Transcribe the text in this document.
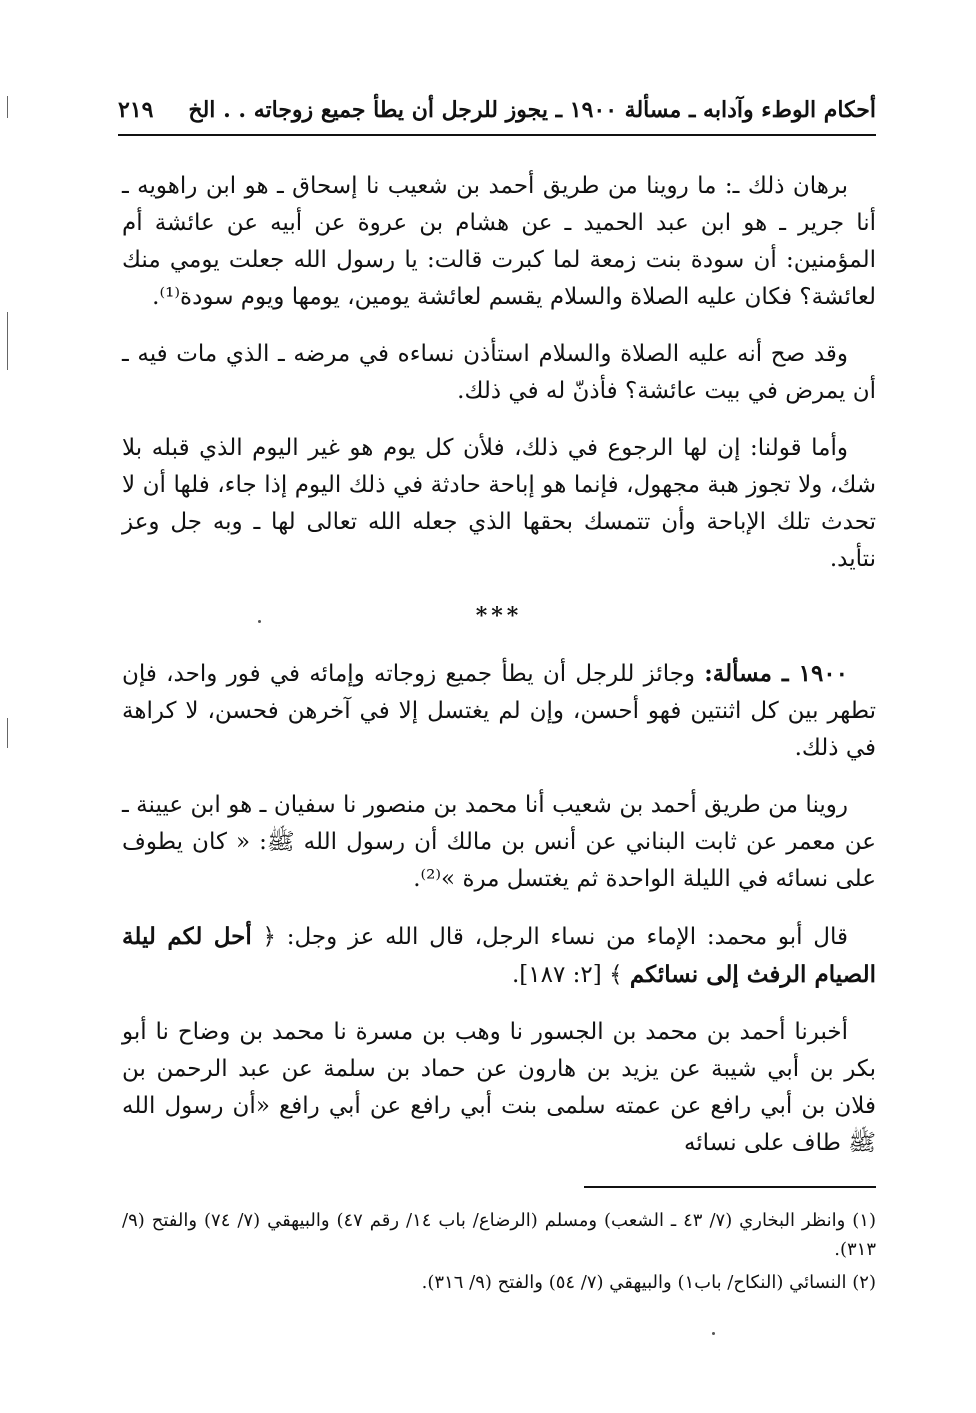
أحكام الوطء وآدابه ـ مسألة ١٩٠٠ ـ يجوز للرجل أن يطأ جميع زوجاته . . الخ
٢١٩

برهان ذلك ـ: ما روينا من طريق أحمد بن شعيب نا إسحاق ـ هو ابن راهويه ـ أنا جرير ـ هو ابن عبد الحميد ـ عن هشام بن عروة عن أبيه عن عائشة أم المؤمنين: أن سودة بنت زمعة لما كبرت قالت: يا رسول الله جعلت يومي منك لعائشة؟ فكان عليه الصلاة والسلام يقسم لعائشة يومين، يومها ويوم سودة⁽¹⁾.

وقد صح أنه عليه الصلاة والسلام استأذن نساءه في مرضه ـ الذي مات فيه ـ أن يمرض في بيت عائشة؟ فأذنّ له في ذلك.

وأما قولنا: إن لها الرجوع في ذلك، فلأن كل يوم هو غير اليوم الذي قبله بلا شك، ولا تجوز هبة مجهول، فإنما هو إباحة حادثة في ذلك اليوم إذا جاء، فلها أن لا تحدث تلك الإباحة وأن تتمسك بحقها الذي جعله الله تعالى لها ـ وبه جل وعز نتأيد.

***

١٩٠٠ ـ مسألة: وجائز للرجل أن يطأ جميع زوجاته وإمائه في فور واحد، فإن تطهر بين كل اثنتين فهو أحسن، وإن لم يغتسل إلا في آخرهن فحسن، لا كراهة في ذلك.

روينا من طريق أحمد بن شعيب أنا محمد بن منصور نا سفيان ـ هو ابن عيينة ـ عن معمر عن ثابت البناني عن أنس بن مالك أن رسول الله ﷺ: « كان يطوف على نسائه في الليلة الواحدة ثم يغتسل مرة »⁽²⁾.

قال أبو محمد: الإماء من نساء الرجل، قال الله عز وجل: ﴿ أحل لكم ليلة الصيام الرفث إلى نسائكم ﴾ [٢: ١٨٧].

أخبرنا أحمد بن محمد بن الجسور نا وهب بن مسرة نا محمد بن وضاح نا أبو بكر بن أبي شيبة عن يزيد بن هارون عن حماد بن سلمة عن عبد الرحمن بن فلان بن أبي رافع عن عمته سلمى بنت أبي رافع عن أبي رافع «أن رسول الله ﷺ طاف على نسائه

(١) وانظر البخاري (٧/ ٤٣ ـ الشعب) ومسلم (الرضاع/ باب ١٤/ رقم ٤٧) والبيهقي (٧/ ٧٤) والفتح (٩/ ٣١٣).

(٢) النسائي (النكاح/ باب١) والبيهقي (٧/ ٥٤) والفتح (٩/ ٣١٦).
